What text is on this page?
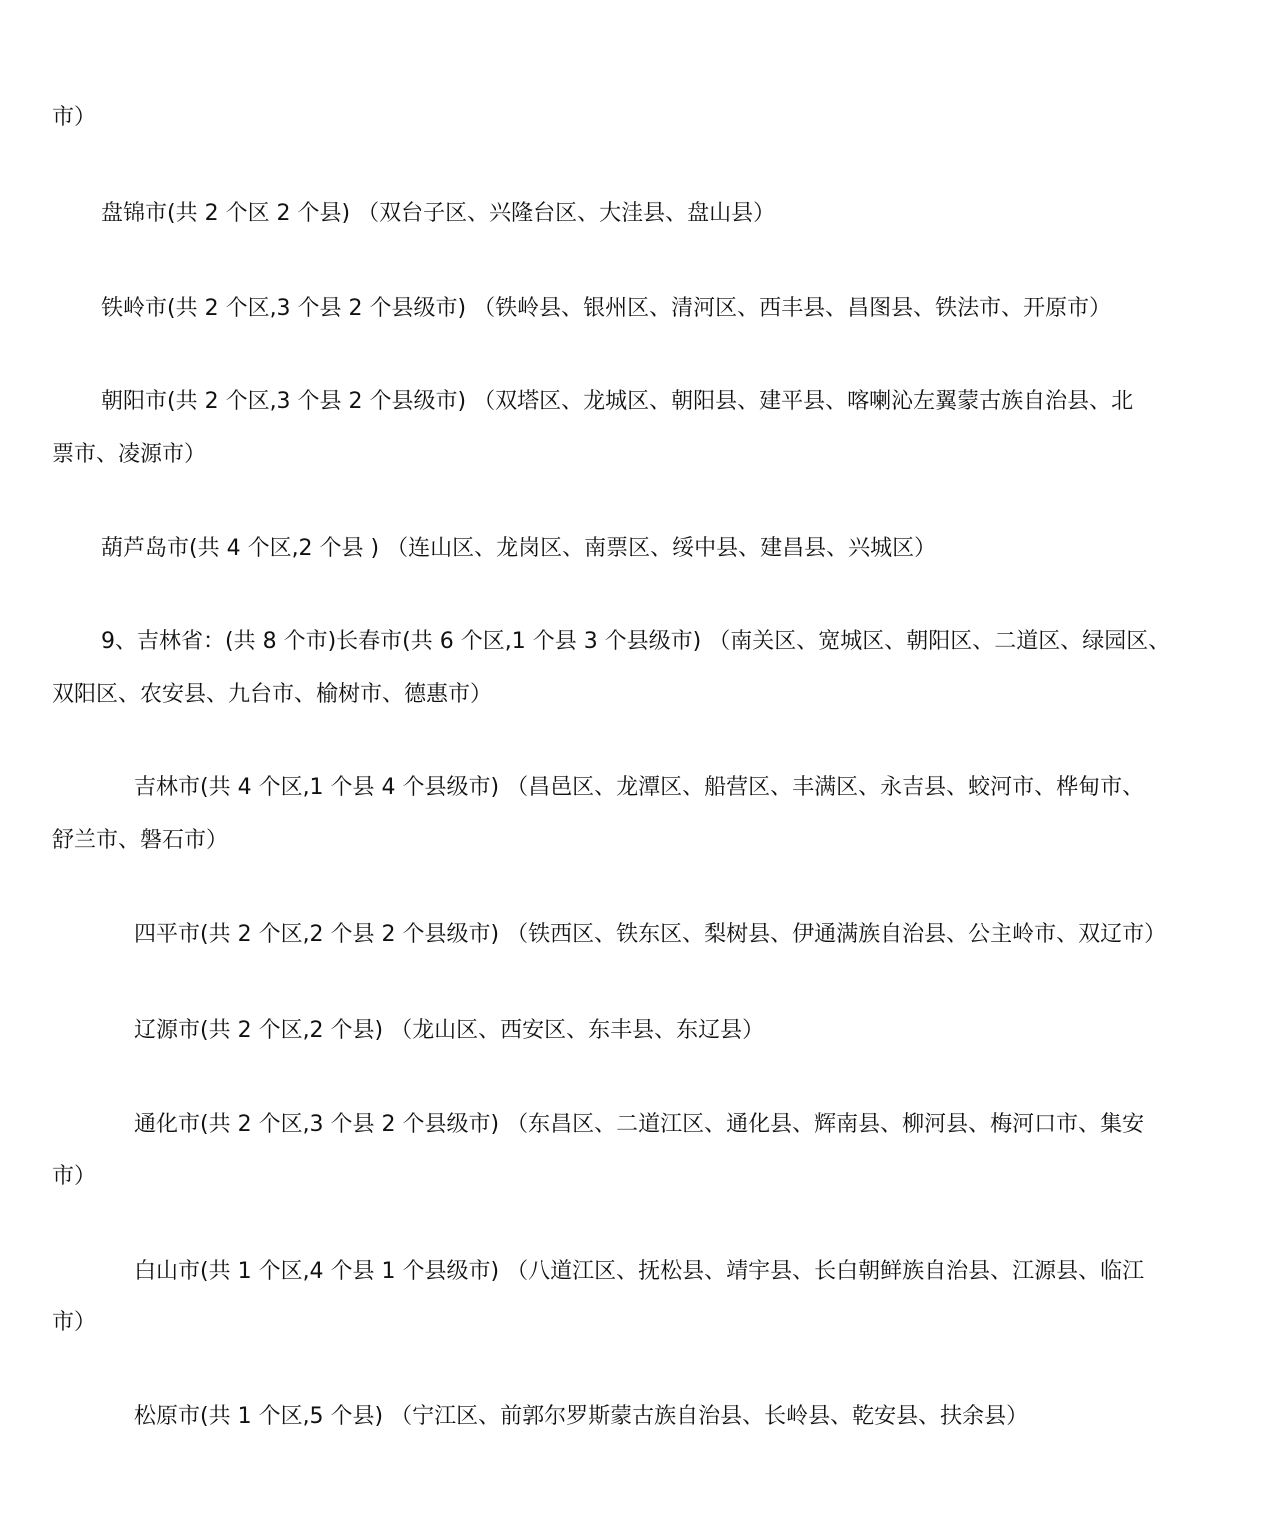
市）
盘锦市(共 2 个区 2 个县) （双台子区、兴隆台区、大洼县、盘山县）
铁岭市(共 2 个区,3 个县 2 个县级市) （铁岭县、银州区、清河区、西丰县、昌图县、铁法市、开原市）
朝阳市(共 2 个区,3 个县 2 个县级市) （双塔区、龙城区、朝阳县、建平县、喀喇沁左翼蒙古族自治县、北
票市、凌源市）
葫芦岛市(共 4 个区,2 个县 ) （连山区、龙岗区、南票区、绥中县、建昌县、兴城区）
9、吉林省：(共 8 个市)长春市(共 6 个区,1 个县 3 个县级市) （南关区、宽城区、朝阳区、二道区、绿园区、
双阳区、农安县、九台市、榆树市、德惠市）
吉林市(共 4 个区,1 个县 4 个县级市) （昌邑区、龙潭区、船营区、丰满区、永吉县、蛟河市、桦甸市、
舒兰市、磐石市）
四平市(共 2 个区,2 个县 2 个县级市) （铁西区、铁东区、梨树县、伊通满族自治县、公主岭市、双辽市）
辽源市(共 2 个区,2 个县) （龙山区、西安区、东丰县、东辽县）
通化市(共 2 个区,3 个县 2 个县级市) （东昌区、二道江区、通化县、辉南县、柳河县、梅河口市、集安
市）
白山市(共 1 个区,4 个县 1 个县级市) （八道江区、抚松县、靖宇县、长白朝鲜族自治县、江源县、临江
市）
松原市(共 1 个区,5 个县) （宁江区、前郭尔罗斯蒙古族自治县、长岭县、乾安县、扶余县）
